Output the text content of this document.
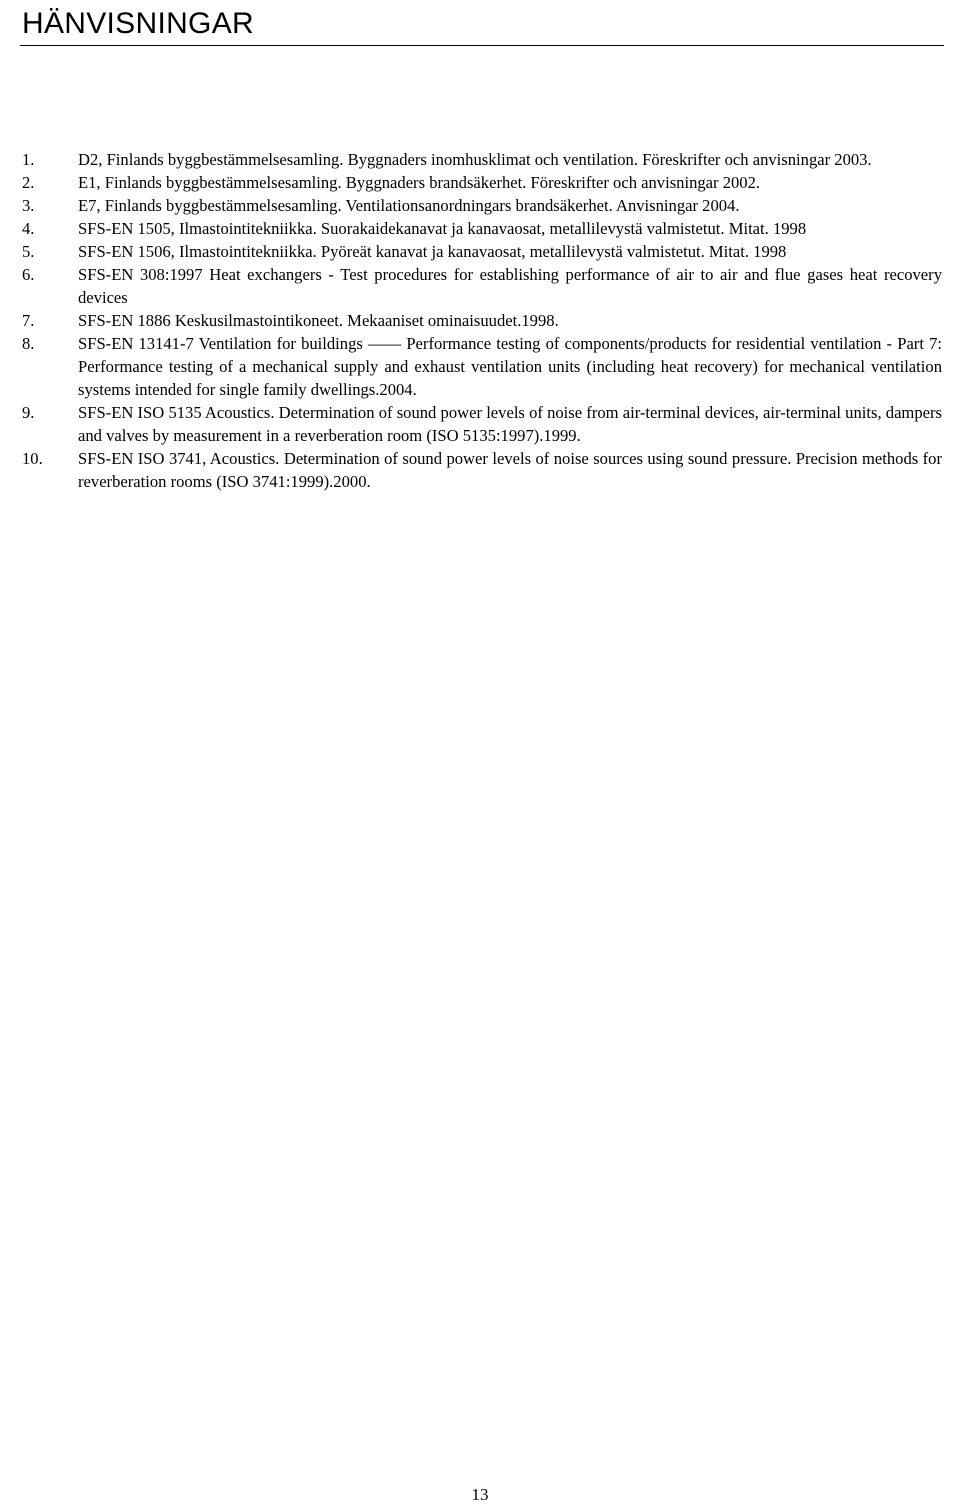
HÄNVISNINGAR
1.	D2, Finlands byggbestämmelsesamling. Byggnaders inomhusklimat och ventilation. Föreskrifter och anvisningar 2003.
2.	E1, Finlands byggbestämmelsesamling. Byggnaders brandsäkerhet. Föreskrifter och anvisningar 2002.
3.	E7, Finlands byggbestämmelsesamling. Ventilationsanordningars brandsäkerhet. Anvisningar 2004.
4.	SFS-EN 1505, Ilmastointitekniikka. Suorakaidekanavat ja kanavaosat, metallilevystä valmistetut. Mitat. 1998
5.	SFS-EN 1506, Ilmastointitekniikka. Pyöreät kanavat ja kanavaosat, metallilevystä valmistetut. Mitat. 1998
6.	SFS-EN 308:1997 Heat exchangers - Test procedures for establishing performance of air to air and flue gases heat recovery devices
7.	SFS-EN 1886 Keskusilmastointikoneet. Mekaaniset ominaisuudet.1998.
8.	SFS-EN 13141-7 Ventilation for buildings —— Performance testing of components/products for residential ventilation - Part 7: Performance testing of a mechanical supply and exhaust ventilation units (including heat recovery) for mechanical ventilation systems intended for single family dwellings.2004.
9.	SFS-EN ISO 5135 Acoustics. Determination of sound power levels of noise from air-terminal devices, air-terminal units, dampers and valves by measurement in a reverberation room (ISO 5135:1997).1999.
10.	SFS-EN ISO 3741, Acoustics. Determination of sound power levels of noise sources using sound pressure. Precision methods for reverberation rooms (ISO 3741:1999).2000.
13
